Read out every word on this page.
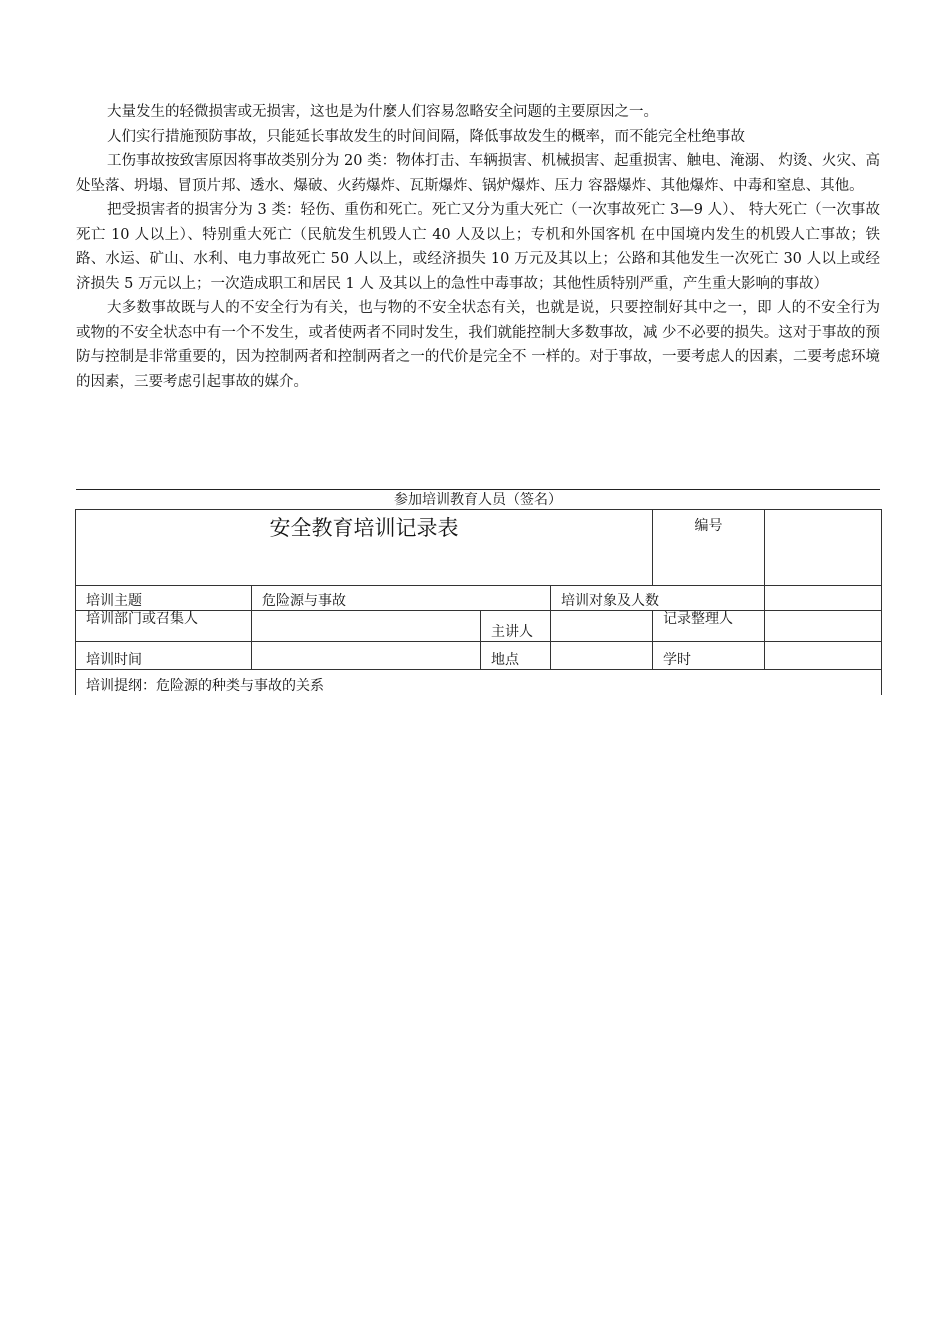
大量发生的轻微损害或无损害，这也是为什麼人们容易忽略安全问题的主要原因之一。

人们实行措施预防事故，只能延长事故发生的时间间隔，降低事故发生的概率，而不能完全杜绝事故

工伤事故按致害原因将事故类别分为 20 类：物体打击、车辆损害、机械损害、起重损害、触电、淹溺、 灼烫、火灾、高处坠落、坍塌、冒顶片邦、透水、爆破、火药爆炸、瓦斯爆炸、锅炉爆炸、压力 容器爆炸、其他爆炸、中毒和窒息、其他。

把受损害者的损害分为 3 类：轻伤、重伤和死亡。死亡又分为重大死亡（一次事故死亡 3—9 人）、 特大死亡（一次事故死亡 10 人以上）、特别重大死亡（民航发生机毁人亡 40 人及以上；专机和外国客机 在中国境内发生的机毁人亡事故；铁路、水运、矿山、水利、电力事故死亡 50 人以上，或经济损失 10 万元及其以上；公路和其他发生一次死亡 30 人以上或经济损失 5 万元以上；一次造成职工和居民 1 人 及其以上的急性中毒事故；其他性质特别严重，产生重大影响的事故）

大多数事故既与人的不安全行为有关，也与物的不安全状态有关，也就是说，只要控制好其中之一，即 人的不安全行为或物的不安全状态中有一个不发生，或者使两者不同时发生，我们就能控制大多数事故，减 少不必要的损失。这对于事故的预防与控制是非常重要的，因为控制两者和控制两者之一的代价是完全不 一样的。对于事故，一要考虑人的因素，二要考虑环境的因素，三要考虑引起事故的媒介。

参加培训教育人员（签名）
安全教育培训记录表				编号	
培训主题	危险源与事故		培训对象及人数		
培训部门或召集人		主讲人		记录整理人	
培训时间		地点		学时	
培训提纲：危险源的种类与事故的关系					
